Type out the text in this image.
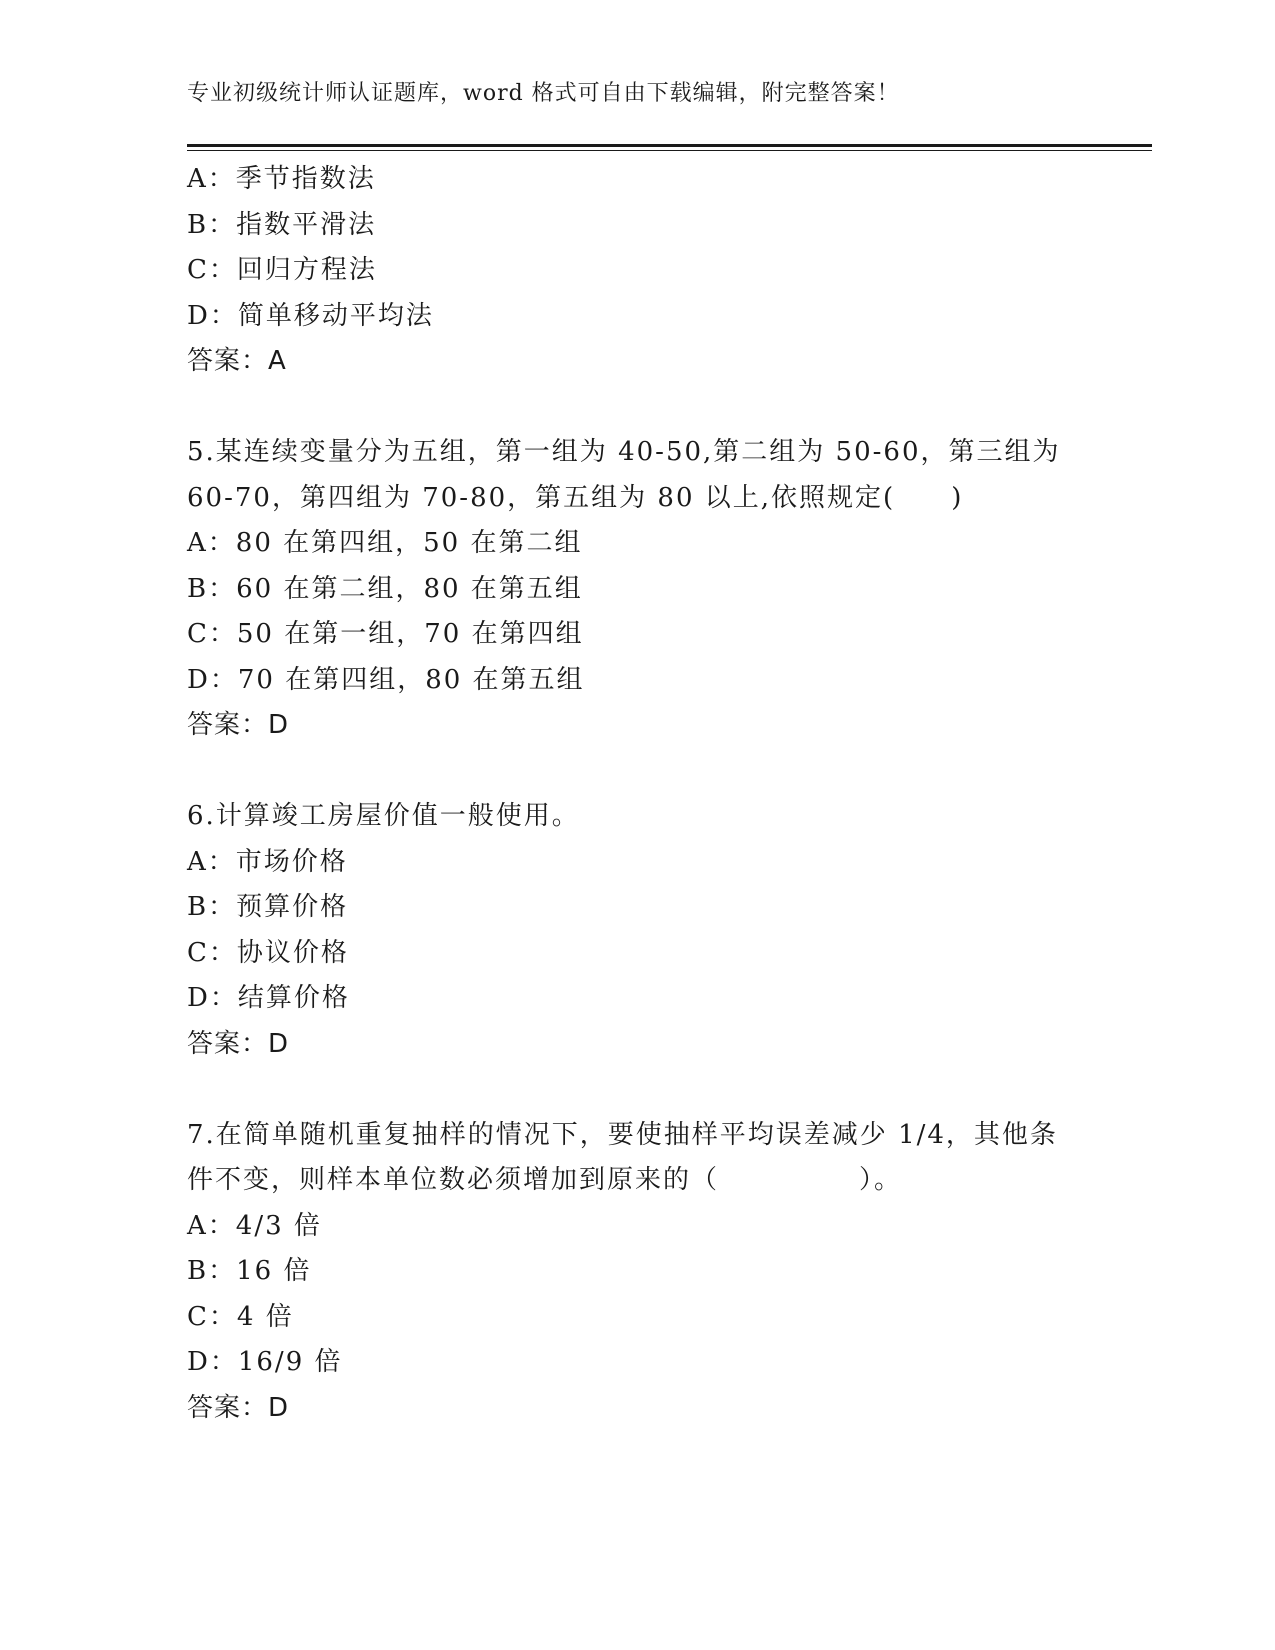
专业初级统计师认证题库，word 格式可自由下载编辑，附完整答案！
A：季节指数法
B：指数平滑法
C：回归方程法
D：简单移动平均法
答案：A
5.某连续变量分为五组，第一组为 40-50,第二组为 50-60，第三组为
60-70，第四组为 70-80，第五组为 80 以上,依照规定(　　)
A：80 在第四组，50 在第二组
B：60 在第二组，80 在第五组
C：50 在第一组，70 在第四组
D：70 在第四组，80 在第五组
答案：D
6.计算竣工房屋价值一般使用。
A：市场价格
B：预算价格
C：协议价格
D：结算价格
答案：D
7.在简单随机重复抽样的情况下，要使抽样平均误差减少 1/4，其他条
件不变，则样本单位数必须增加到原来的（　　　　　）。
A：4/3 倍
B：16 倍
C：4 倍
D：16/9 倍
答案：D
